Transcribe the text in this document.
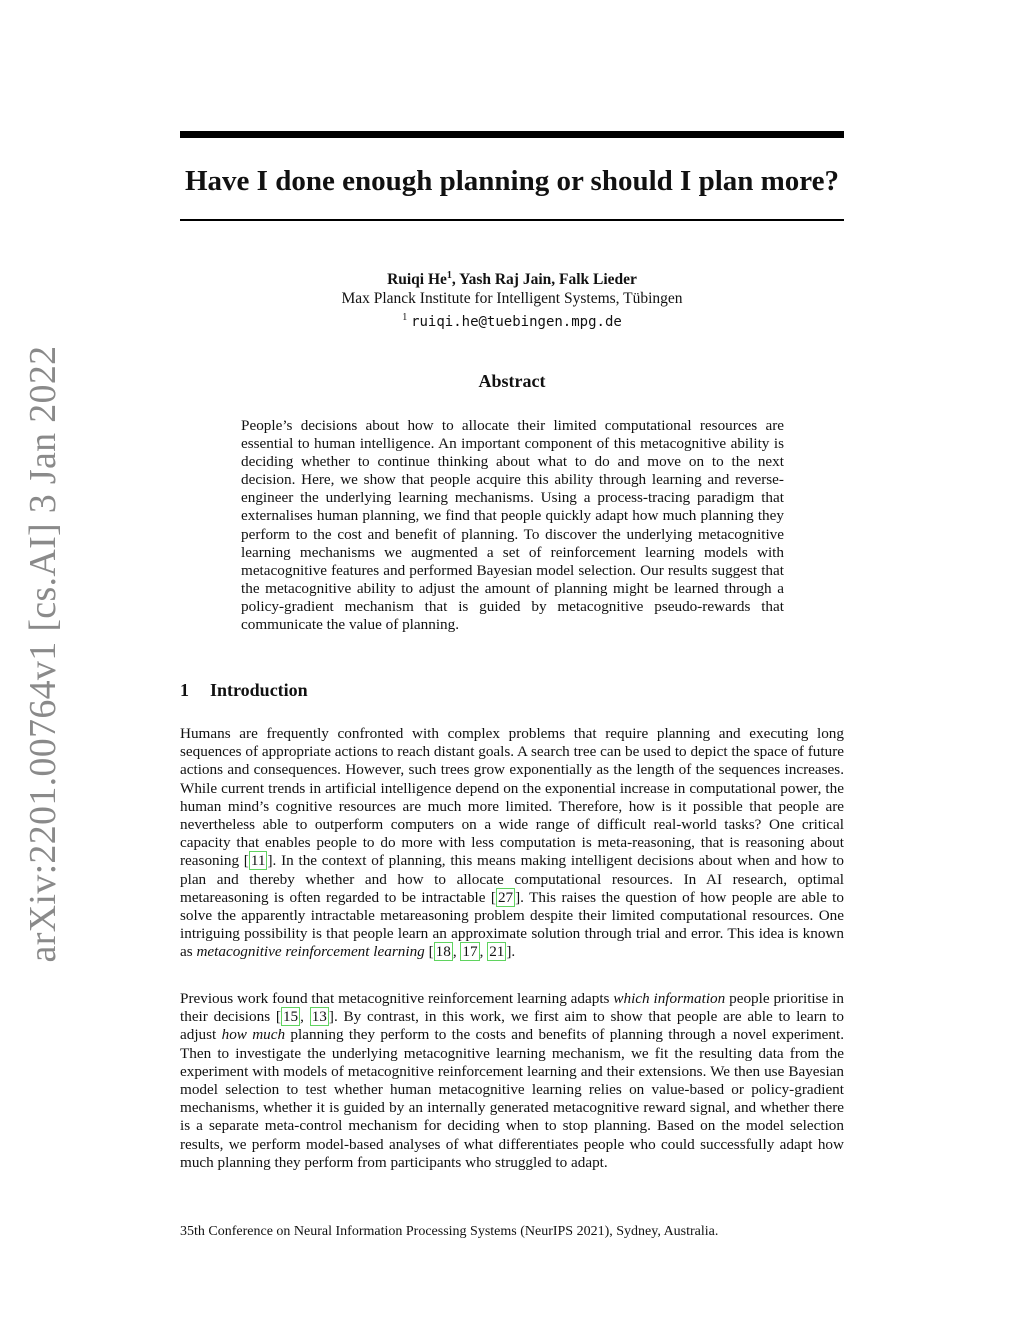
arXiv:2201.00764v1 [cs.AI] 3 Jan 2022
Have I done enough planning or should I plan more?
Ruiqi He$^1$, Yash Raj Jain, Falk Lieder
Max Planck Institute for Intelligent Systems, Tübingen
$^1$ ruiqi.he@tuebingen.mpg.de
Abstract

People’s decisions about how to allocate their limited computational resources are essential to human intelligence. An important component of this metacognitive ability is deciding whether to continue thinking about what to do and move on to the next decision. Here, we show that people acquire this ability through learning and reverse-engineer the underlying learning mechanisms. Using a process-tracing paradigm that externalises human planning, we find that people quickly adapt how much planning they perform to the cost and benefit of planning. To discover the underlying metacognitive learning mechanisms we augmented a set of reinforcement learning models with metacognitive features and performed Bayesian model selection. Our results suggest that the metacognitive ability to adjust the amount of planning might be learned through a policy-gradient mechanism that is guided by metacognitive pseudo-rewards that communicate the value of planning.

1 Introduction

Humans are frequently confronted with complex problems that require planning and executing long sequences of appropriate actions to reach distant goals. A search tree can be used to depict the space of future actions and consequences. However, such trees grow exponentially as the length of the sequences increases. While current trends in artificial intelligence depend on the exponential increase in computational power, the human mind’s cognitive resources are much more limited. Therefore, how is it possible that people are nevertheless able to outperform computers on a wide range of difficult real-world tasks? One critical capacity that enables people to do more with less computation is meta-reasoning, that is reasoning about reasoning [ 11 ]. In the context of planning, this means making intelligent decisions about when and how to plan and thereby whether and how to allocate computational resources. In AI research, optimal metareasoning is often regarded to be intractable [ 27 ]. This raises the question of how people are able to solve the apparently intractable metareasoning problem despite their limited computational resources. One intriguing possibility is that people learn an approximate solution through trial and error. This idea is known as metacognitive reinforcement learning [ 18 , 17 , 21 ].

Previous work found that metacognitive reinforcement learning adapts which information people prioritise in their decisions [ 15 , 13 ]. By contrast, in this work, we first aim to show that people are able to learn to adjust how much planning they perform to the costs and benefits of planning through a novel experiment. Then to investigate the underlying metacognitive learning mechanism, we fit the resulting data from the experiment with models of metacognitive reinforcement learning and their extensions. We then use Bayesian model selection to test whether human metacognitive learning relies on value-based or policy-gradient mechanisms, whether it is guided by an internally generated metacognitive reward signal, and whether there is a separate meta-control mechanism for deciding when to stop planning. Based on the model selection results, we perform model-based analyses of what differentiates people who could successfully adapt how much planning they perform from participants who struggled to adapt.

35th Conference on Neural Information Processing Systems (NeurIPS 2021), Sydney, Australia.
